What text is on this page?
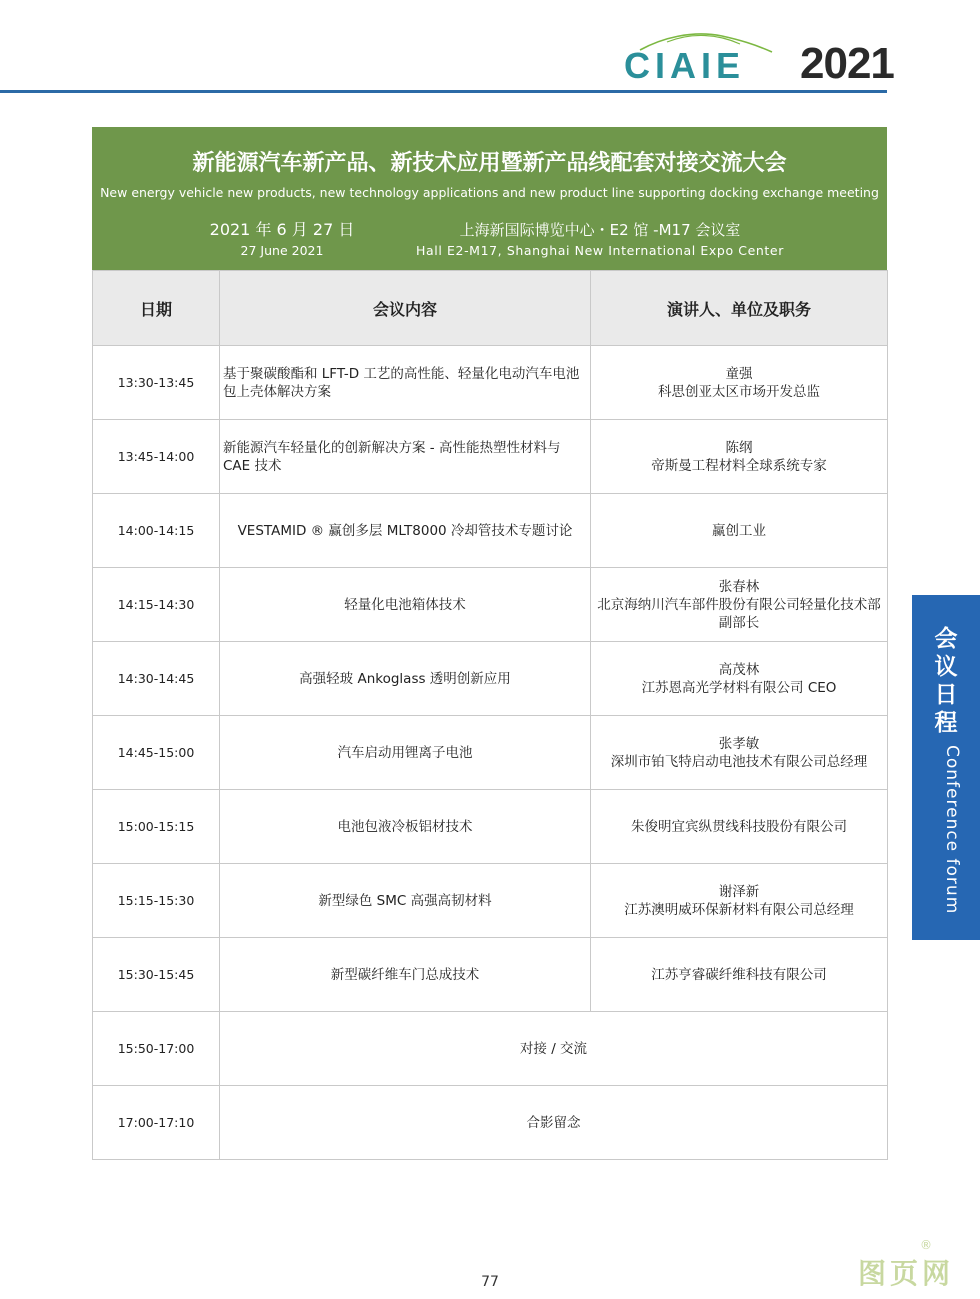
CIAIE 2021
新能源汽车新产品、新技术应用暨新产品线配套对接交流大会
New energy vehicle new products, new technology applications and new product line supporting docking exchange meeting
2021 年 6 月 27 日
27 June 2021
上海新国际博览中心・E2 馆 -M17 会议室
Hall E2-M17, Shanghai New International Expo Center
日期	会议内容	演讲人、单位及职务
13:30-13:45	基于聚碳酸酯和 LFT-D 工艺的高性能、轻量化电动汽车电池包上壳体解决方案	童强
科思创亚太区市场开发总监

13:45-14:00	新能源汽车轻量化的创新解决方案 - 高性能热塑性材料与 CAE 技术	陈纲
帝斯曼工程材料全球系统专家

14:00-14:15	VESTAMID ® 赢创多层 MLT8000 冷却管技术专题讨论	赢创工业

14:15-14:30	轻量化电池箱体技术	张春林
北京海纳川汽车部件股份有限公司轻量化技术部副部长

14:30-14:45	高强轻玻 Ankoglass 透明创新应用	高茂林
江苏恩高光学材料有限公司 CEO

14:45-15:00	汽车启动用锂离子电池	张孝敏
深圳市铂飞特启动电池技术有限公司总经理

15:00-15:15	电池包液冷板铝材技术	朱俊明宜宾纵贯线科技股份有限公司

15:15-15:30	新型绿色 SMC 高强高韧材料	谢泽新
江苏澳明威环保新材料有限公司总经理

15:30-15:45	新型碳纤维车门总成技术	江苏亨睿碳纤维科技有限公司

15:50-17:00	对接 / 交流	
17:00-17:10	合影留念	
会
议
日
程
Conference forum
77	图页网
®
